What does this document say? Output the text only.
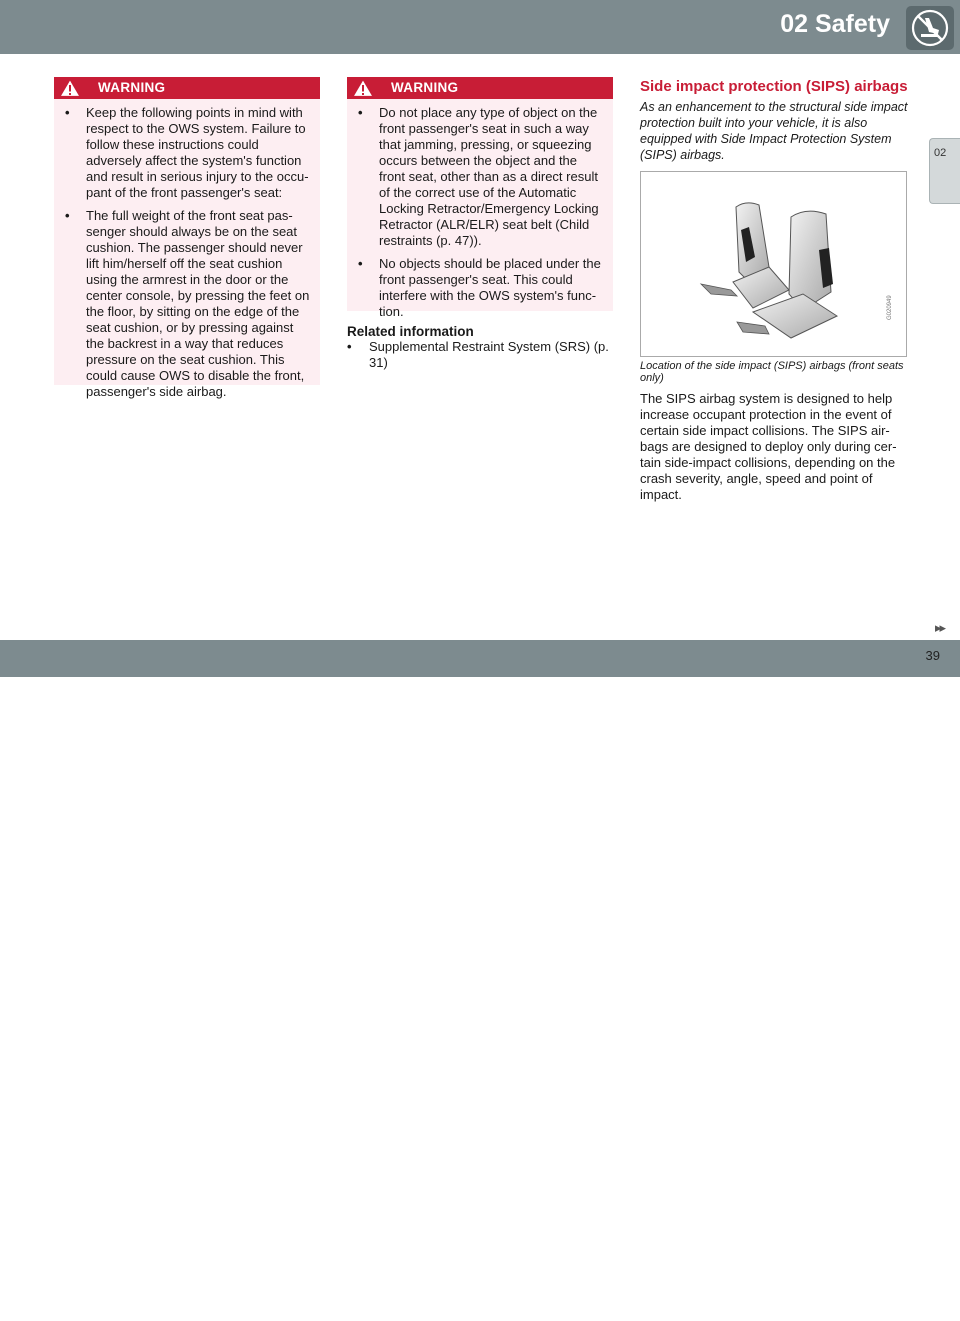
02 Safety
02
WARNING
• Keep the following points in mind with respect to the OWS system. Failure to follow these instructions could adversely affect the system's function and result in serious injury to the occu-pant of the front passenger's seat:
• The full weight of the front seat pas-senger should always be on the seat cushion. The passenger should never lift him/herself off the seat cushion using the armrest in the door or the center console, by pressing the feet on the floor, by sitting on the edge of the seat cushion, or by pressing against the backrest in a way that reduces pressure on the seat cushion. This could cause OWS to disable the front, passenger's side airbag.
WARNING
• Do not place any type of object on the front passenger's seat in such a way that jamming, pressing, or squeezing occurs between the object and the front seat, other than as a direct result of the correct use of the Automatic Locking Retractor/Emergency Locking Retractor (ALR/ELR) seat belt (Child restraints (p. 47)).
• No objects should be placed under the front passenger's seat. This could interfere with the OWS system's func-tion.
Related information
• Supplemental Restraint System (SRS) (p. 31)
Side impact protection (SIPS) airbags

As an enhancement to the structural side impact protection built into your vehicle, it is also equipped with Side Impact Protection System (SIPS) airbags.

G020949
Location of the side impact (SIPS) airbags (front seats only)
The SIPS airbag system is designed to help increase occupant protection in the event of certain side impact collisions. The SIPS air-bags are designed to deploy only during cer-tain side-impact collisions, depending on the crash severity, angle, speed and point of impact.
▸▸
carmanualsonline.info
39
